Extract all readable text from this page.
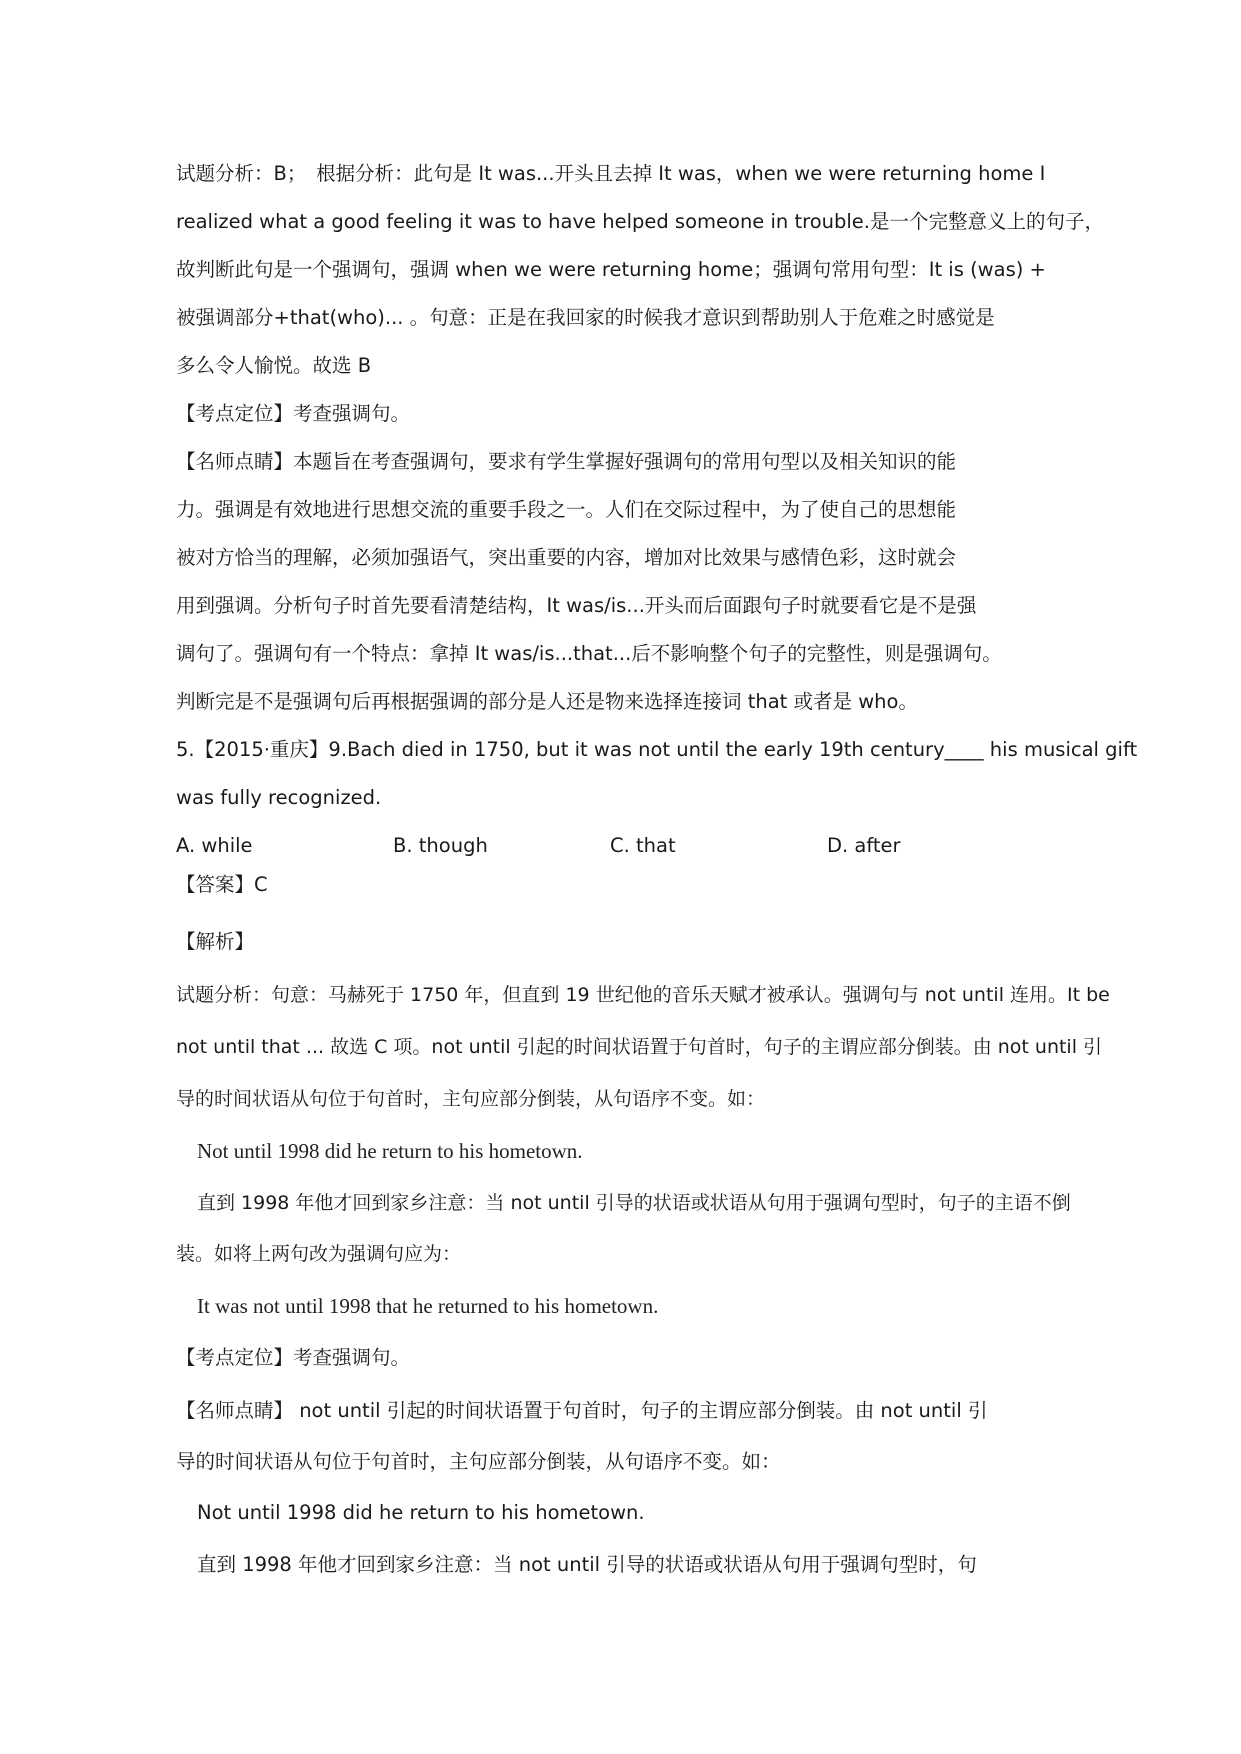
试题分析：B；　根据分析：此句是 It was...开头且去掉 It was，when we were returning home I
realized what a good feeling it was to have helped someone in trouble.是一个完整意义上的句子，
故判断此句是一个强调句，强调 when we were returning home；强调句常用句型：It is (was) +
被强调部分+that(who)... 。句意：正是在我回家的时候我才意识到帮助别人于危难之时感觉是
多么令人愉悦。故选 B
【考点定位】考查强调句。
【名师点睛】本题旨在考查强调句，要求有学生掌握好强调句的常用句型以及相关知识的能
力。强调是有效地进行思想交流的重要手段之一。人们在交际过程中，为了使自己的思想能
被对方恰当的理解，必须加强语气，突出重要的内容，增加对比效果与感情色彩，这时就会
用到强调。分析句子时首先要看清楚结构，It was/is...开头而后面跟句子时就要看它是不是强
调句了。强调句有一个特点：拿掉 It was/is...that...后不影响整个句子的完整性，则是强调句。
判断完是不是强调句后再根据强调的部分是人还是物来选择连接词 that 或者是 who。
5.【2015·重庆】9.Bach died in 1750, but it was not until the early 19th century____ his musical gift
was fully recognized.
A. while	B. though	C. that	D. after
【答案】C
【解析】
试题分析：句意：马赫死于 1750 年，但直到 19 世纪他的音乐天赋才被承认。强调句与 not until 连用。It be
not until that ... 故选 C 项。not until 引起的时间状语置于句首时，句子的主谓应部分倒装。由 not until 引
导的时间状语从句位于句首时，主句应部分倒装，从句语序不变。如：
Not until 1998 did he return to his hometown.
直到 1998 年他才回到家乡注意：当 not until 引导的状语或状语从句用于强调句型时，句子的主语不倒
装。如将上两句改为强调句应为：
It was not until 1998 that he returned to his hometown.
【考点定位】考查强调句。
【名师点睛】 not until 引起的时间状语置于句首时，句子的主谓应部分倒装。由 not until 引
导的时间状语从句位于句首时，主句应部分倒装，从句语序不变。如：
Not until 1998 did he return to his hometown.
直到 1998 年他才回到家乡注意：当 not until 引导的状语或状语从句用于强调句型时，句
